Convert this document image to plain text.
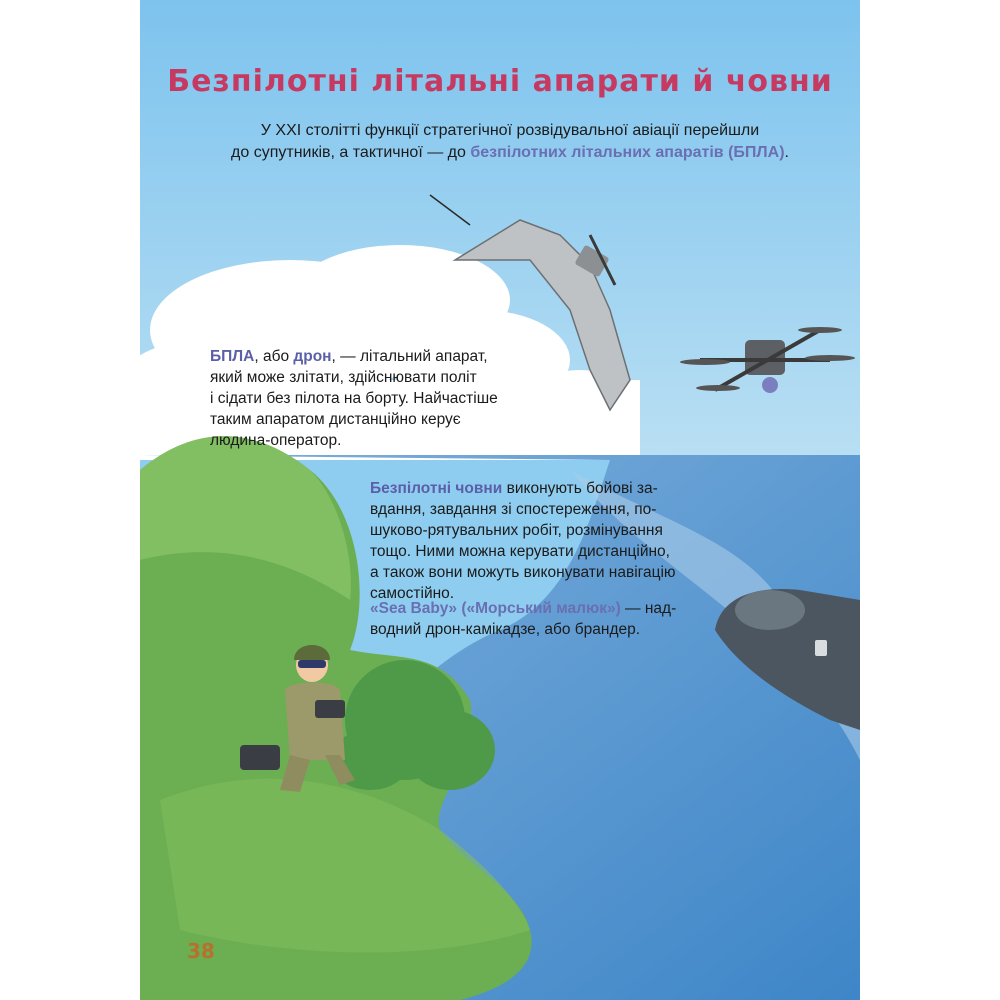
Безпілотні літальні апарати й човни
У XXI столітті функції стратегічної розвідувальної авіації перейшли
до супутників, а тактичної — до безпілотних літальних апаратів (БПЛА).
БПЛА, або дрон, — літальний апарат,
який може злітати, здійснювати політ
і сідати без пілота на борту. Найчастіше
таким апаратом дистанційно керує людина-оператор.
Безпілотні човни виконують бойові за-
вдання, завдання зі спостереження, по-
шуково-рятувальних робіт, розмінування
тощо. Ними можна керувати дистанційно,
а також вони можуть виконувати навігацію
самостійно.
«Sea Baby» («Морський малюк») — над-
водний дрон-камікадзе, або брандер.
38
